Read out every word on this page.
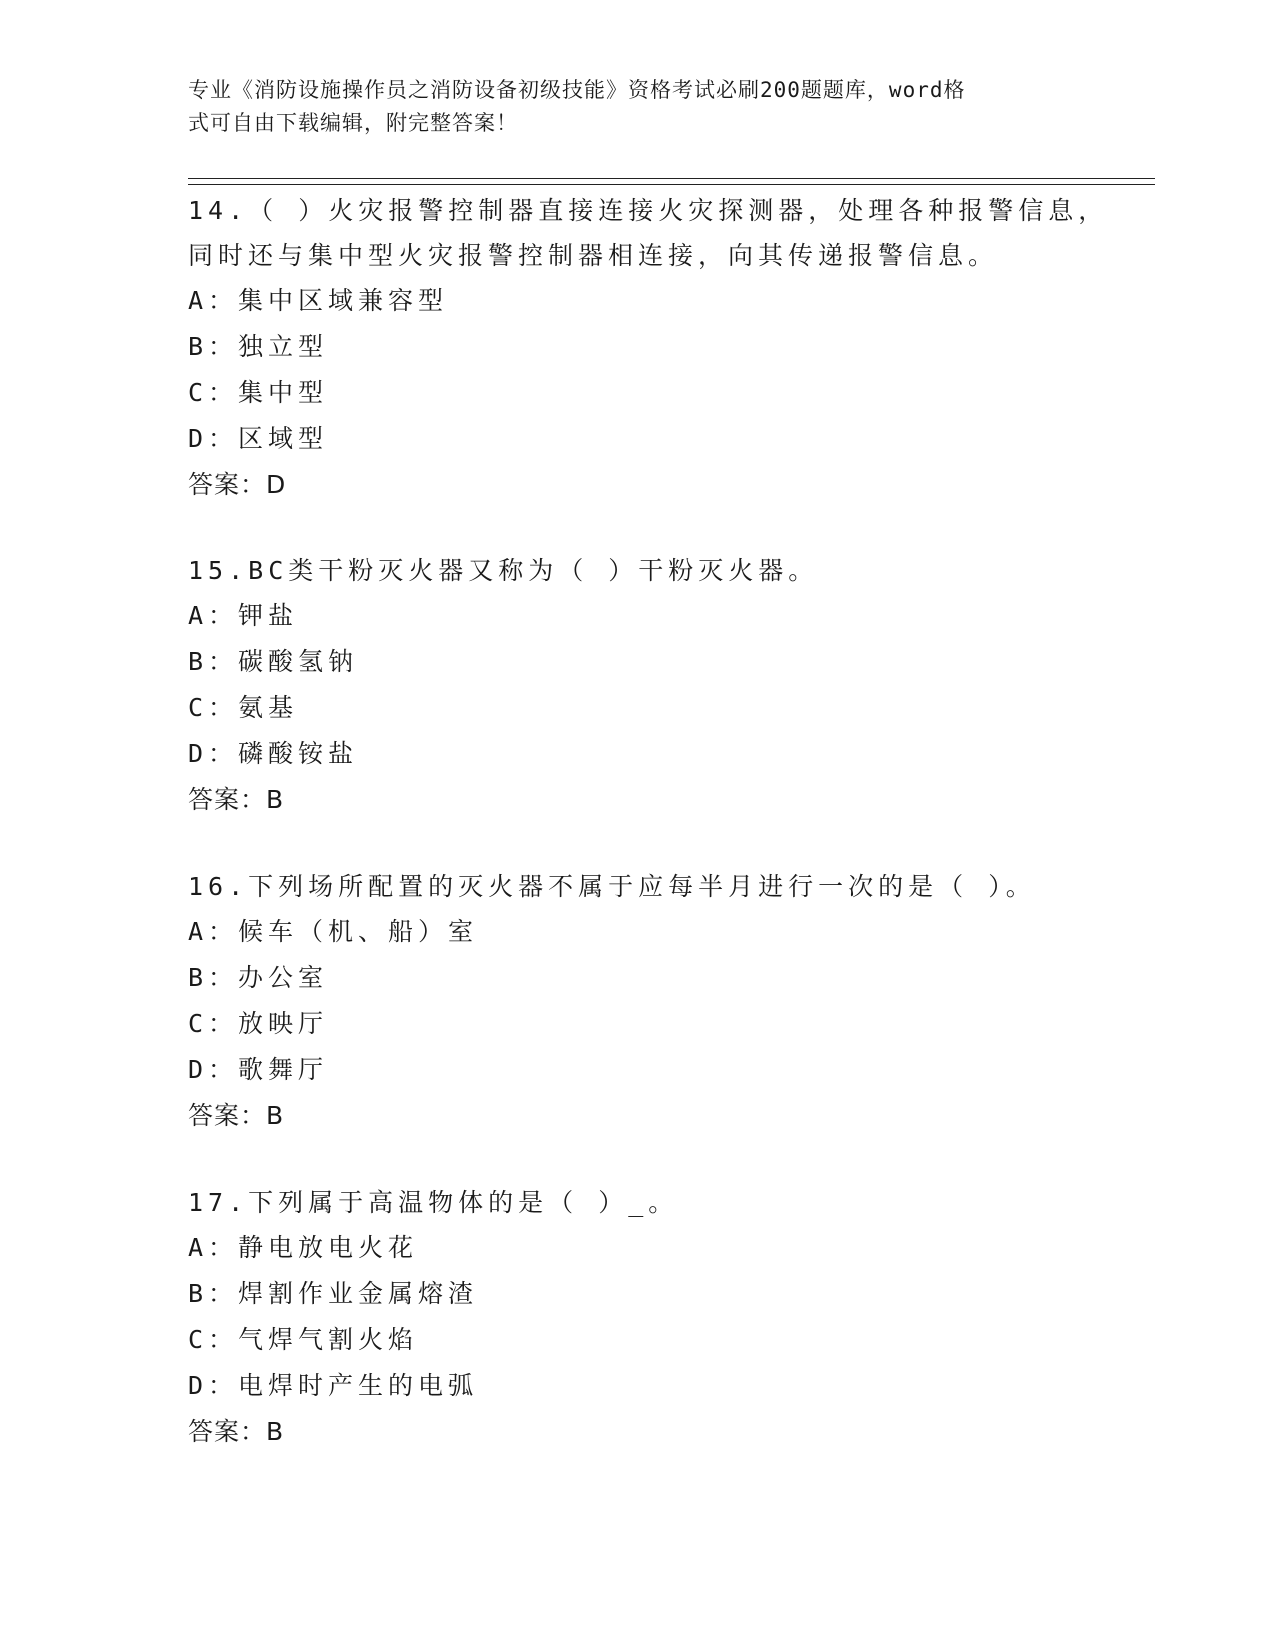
专业《消防设施操作员之消防设备初级技能》资格考试必刷200题题库，word格
式可自由下载编辑，附完整答案！
14.（ ）火灾报警控制器直接连接火灾探测器，处理各种报警信息，
同时还与集中型火灾报警控制器相连接，向其传递报警信息。
A：集中区域兼容型
B：独立型
C：集中型
D：区域型
答案：D
15.BC类干粉灭火器又称为（ ）干粉灭火器。
A：钾盐
B：碳酸氢钠
C：氨基
D：磷酸铵盐
答案：B
16.下列场所配置的灭火器不属于应每半月进行一次的是（ ）。
A：候车（机、船）室
B：办公室
C：放映厅
D：歌舞厅
答案：B
17.下列属于高温物体的是（ ）_。
A：静电放电火花
B：焊割作业金属熔渣
C：气焊气割火焰
D：电焊时产生的电弧
答案：B
